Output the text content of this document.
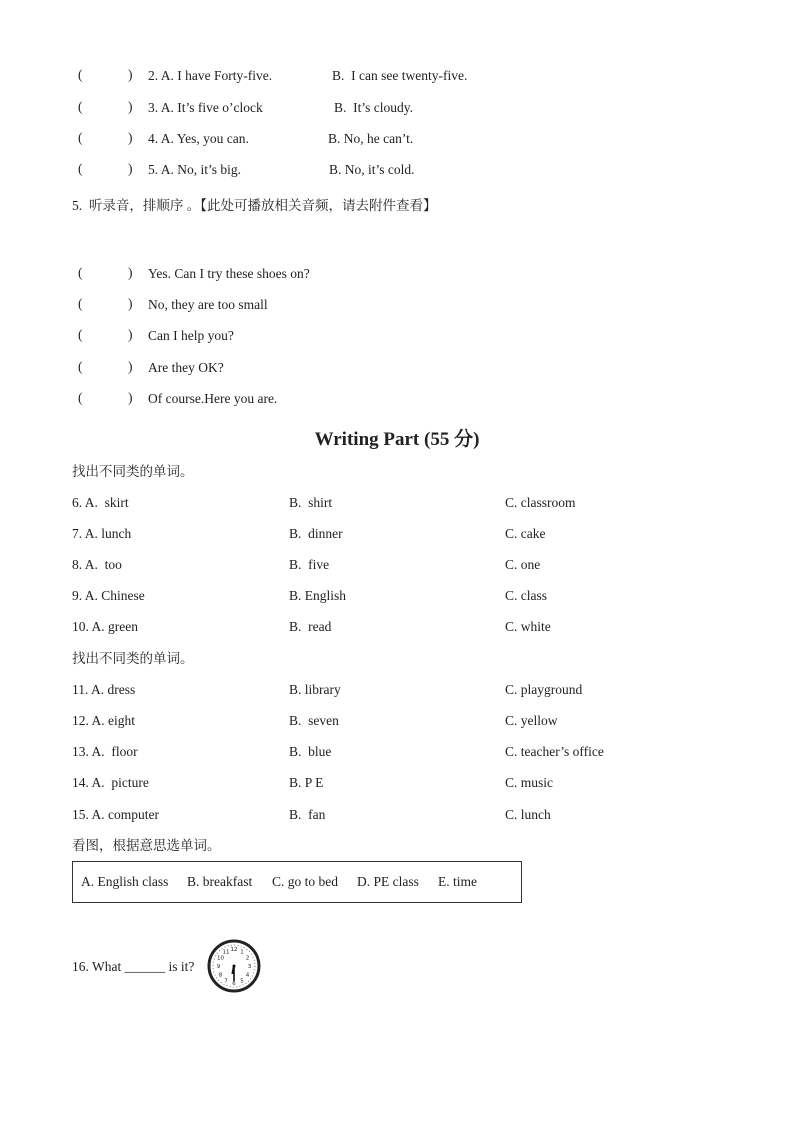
(	) 2. A. I have Forty-five.	B.  I can see twenty-five.
(	) 3. A. It’s five o’clock	B.  It’s cloudy.
(	) 4. A. Yes, you can.	B. No, he can’t.
(	) 5. A. No, it’s big.	B. No, it’s cold.
5.  听录音，排顺序 。【此处可播放相关音频，请去附件查看】
(	) Yes. Can I try these shoes on?
(	) No, they are too small
(	) Can I help you?
(	) Are they OK?
(	) Of course.Here you are.
Writing Part (55 分)
找出不同类的单词。
6. A.  skirt	B.  shirt	C. classroom
7. A. lunch	B.  dinner	C. cake
8. A.  too	B.  five	C. one
9. A. Chinese	B. English	C. class
10. A. green	B.  read	C. white
找出不同类的单词。
11. A. dress	B. library	C. playground
12. A. eight	B.  seven	C. yellow
13. A.  floor	B.  blue	C. teacher’s office
14. A.  picture	B. P E	C. music
15. A. computer	B.  fan	C. lunch
看图，根据意思选单词。
A. English class B. breakfast C. go to bed D. PE class E. time
16. What ______ is it?
12 1
2
3
4
5
6
7
8
9
10
11
